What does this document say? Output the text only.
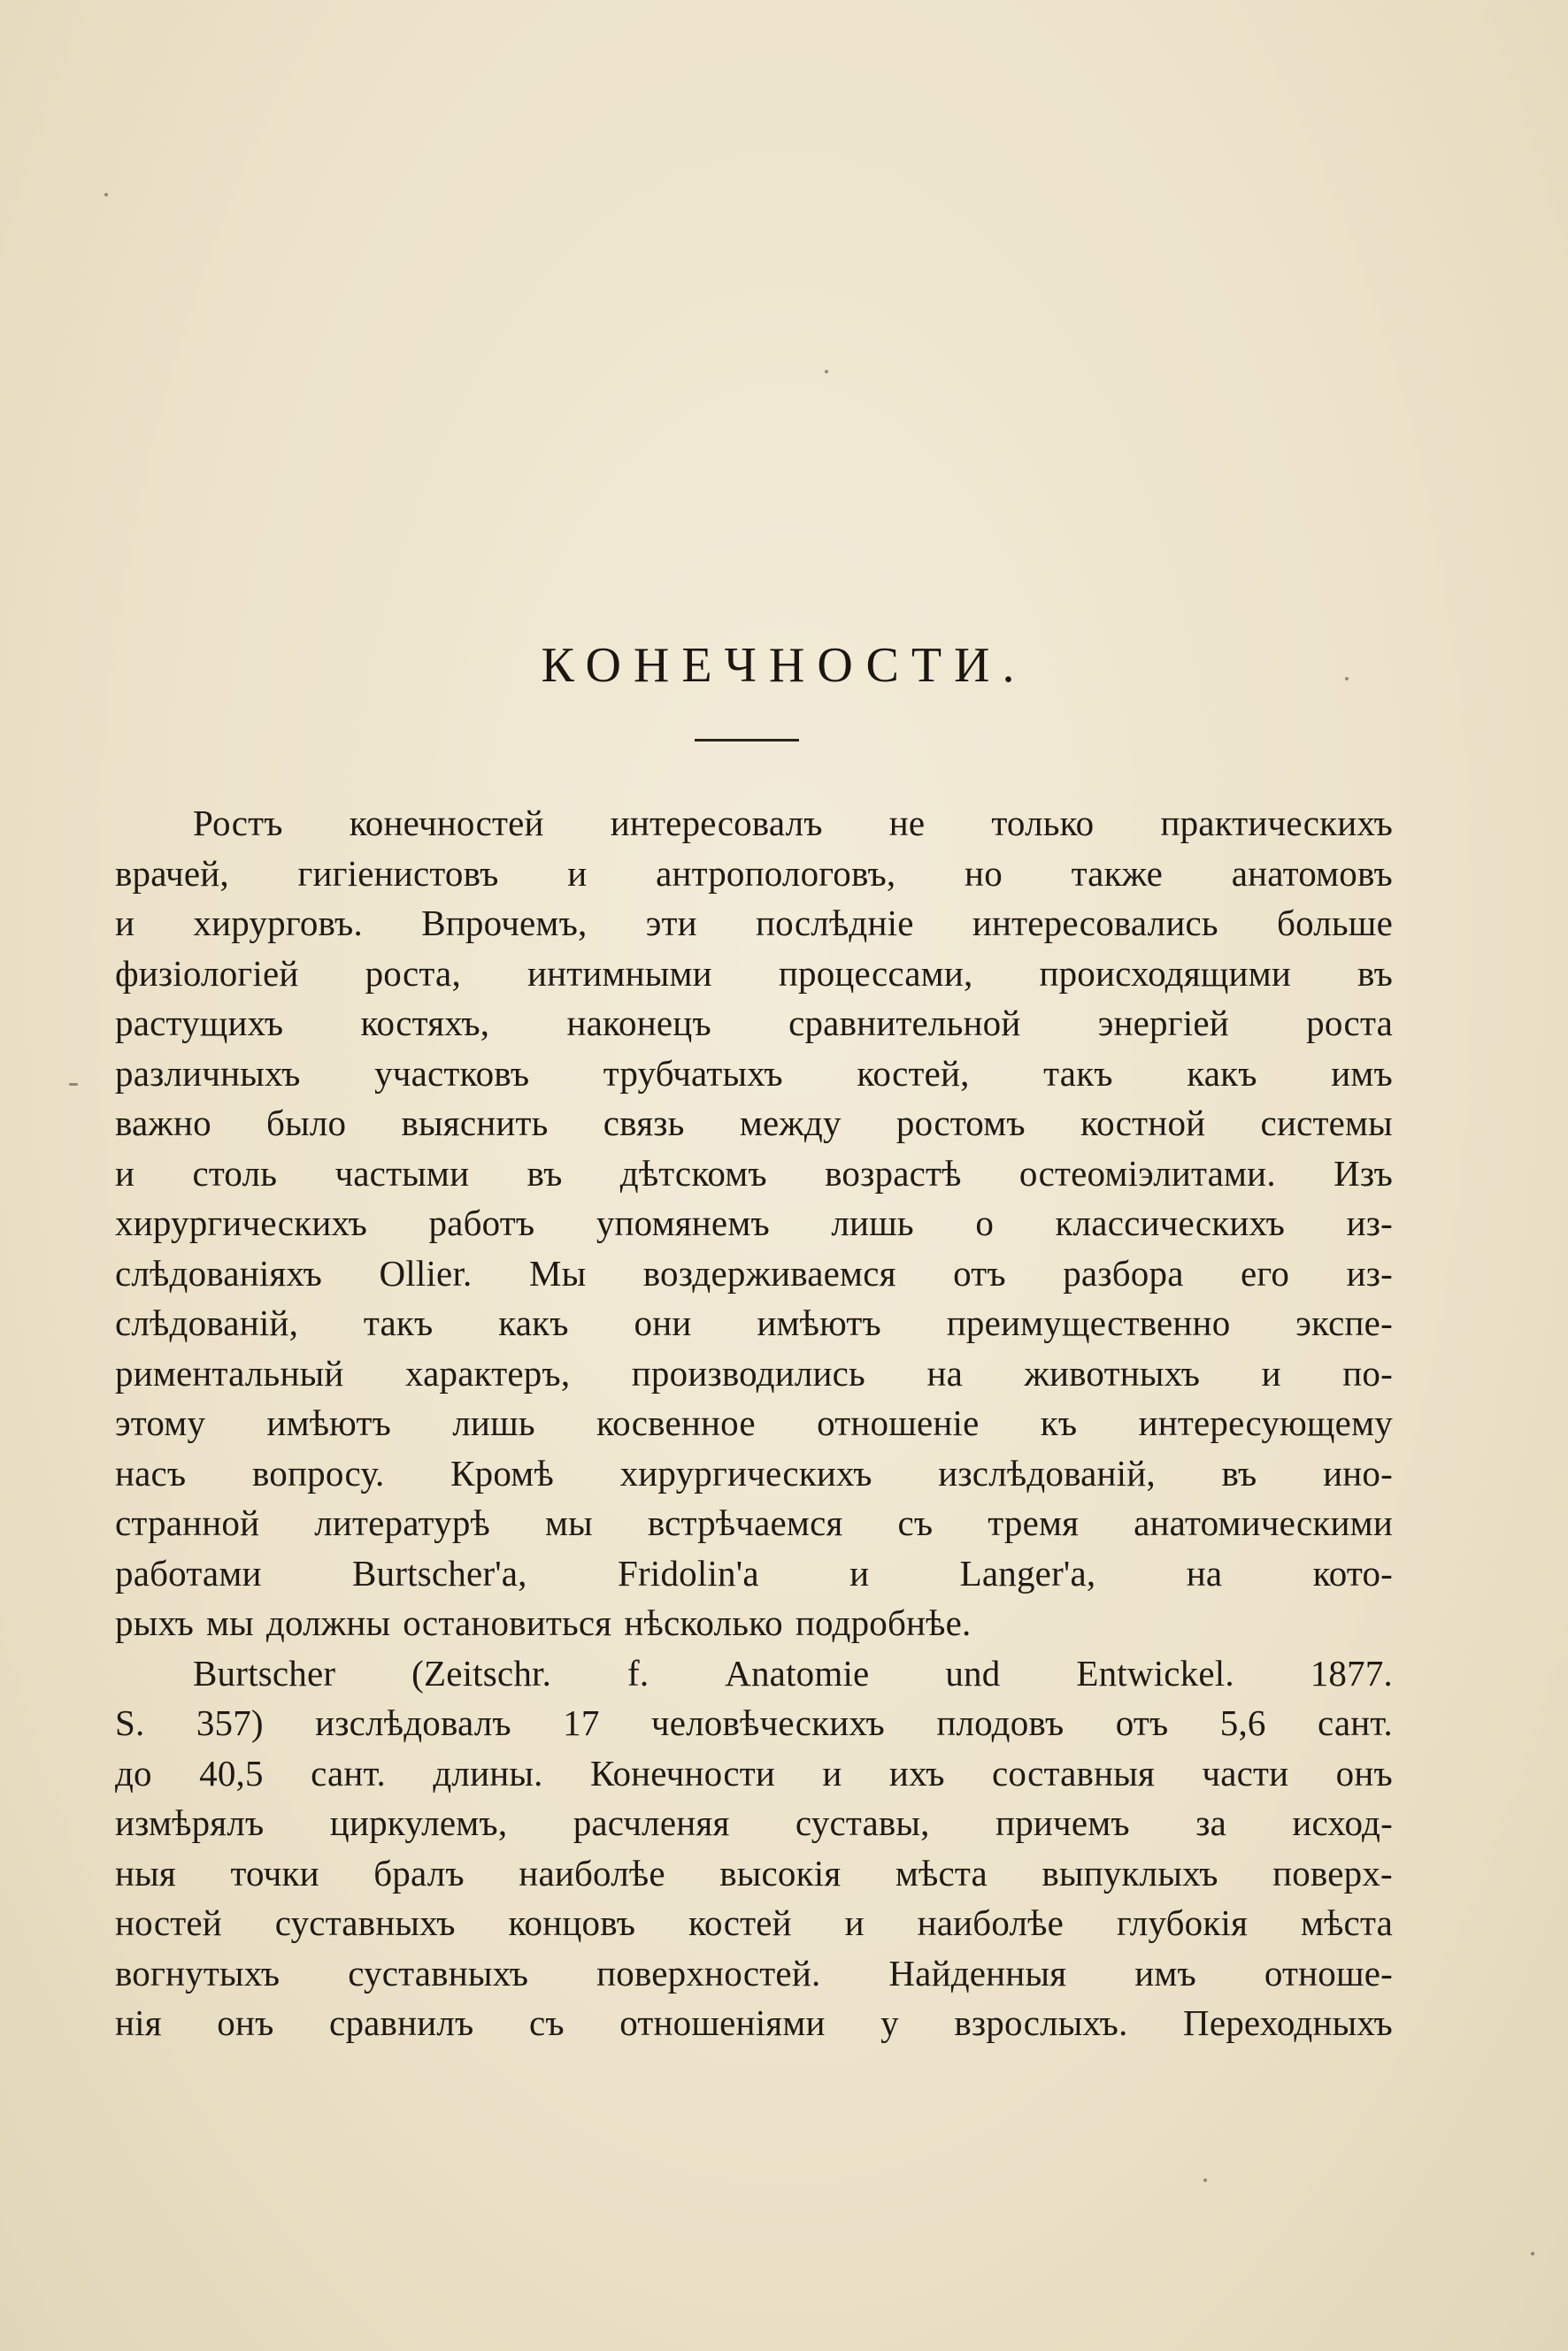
КОНЕЧНОСТИ.
Ростъ конечностей интересовалъ не только практическихъ
врачей, гигіенистовъ и антропологовъ, но также анатомовъ
и хирурговъ. Впрочемъ, эти послѣдніе интересовались больше
физіологіей роста, интимными процессами, происходящими въ
растущихъ костяхъ, наконецъ сравнительной энергіей роста
различныхъ участковъ трубчатыхъ костей, такъ какъ имъ
важно было выяснить связь между ростомъ костной системы
и столь частыми въ дѣтскомъ возрастѣ остеоміэлитами. Изъ
хирургическихъ работъ упомянемъ лишь о классическихъ из-
слѣдованіяхъ Ollier. Мы воздерживаемся отъ разбора его из-
слѣдованій, такъ какъ они имѣютъ преимущественно экспе-
риментальный характеръ, производились на животныхъ и по-
этому имѣютъ лишь косвенное отношеніе къ интересующему
насъ вопросу. Кромѣ хирургическихъ изслѣдованій, въ ино-
странной литературѣ мы встрѣчаемся съ тремя анатомическими
работами Burtscher'а, Fridolin'а и Langer'а, на кото-
рыхъ мы должны остановиться нѣсколько подробнѣе.
Burtscher (Zeitschr. f. Anatomie und Entwickel. 1877.
S. 357) изслѣдовалъ 17 человѣческихъ плодовъ отъ 5,6 сант.
до 40,5 сант. длины. Конечности и ихъ составныя части онъ
измѣрялъ циркулемъ, расчленяя суставы, причемъ за исход-
ныя точки бралъ наиболѣе высокія мѣста выпуклыхъ поверх-
ностей суставныхъ концовъ костей и наиболѣе глубокія мѣста
вогнутыхъ суставныхъ поверхностей. Найденныя имъ отноше-
нія онъ сравнилъ съ отношеніями у взрослыхъ. Переходныхъ
